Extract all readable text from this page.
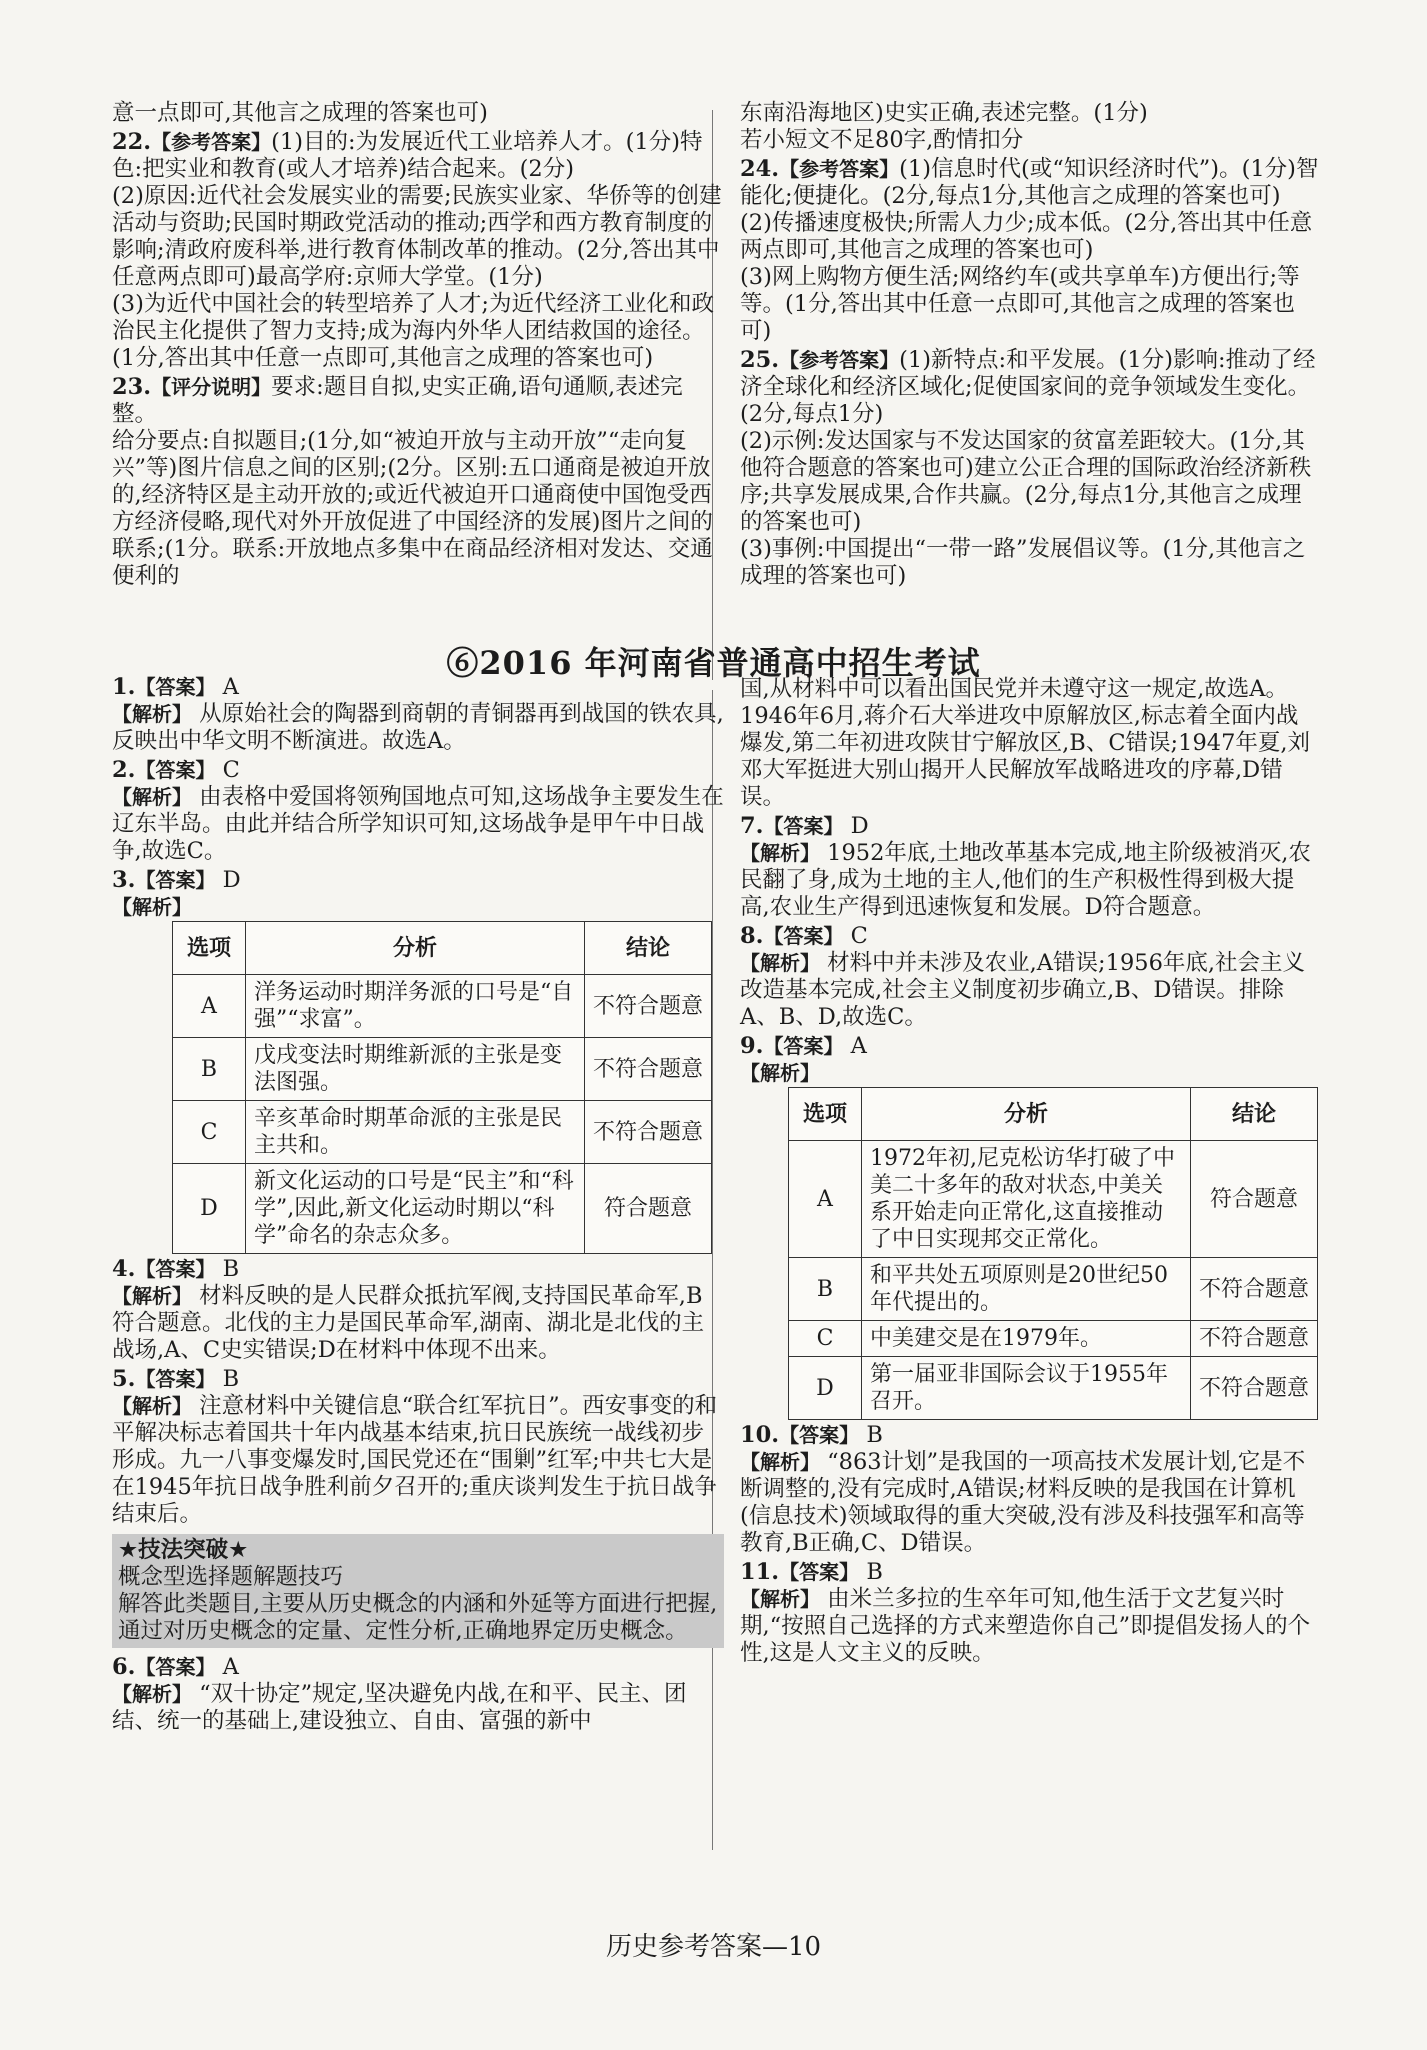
意一点即可,其他言之成理的答案也可)

22.【参考答案】(1)目的:为发展近代工业培养人才。(1分)特色:把实业和教育(或人才培养)结合起来。(2分)

(2)原因:近代社会发展实业的需要;民族实业家、华侨等的创建活动与资助;民国时期政党活动的推动;西学和西方教育制度的影响;清政府废科举,进行教育体制改革的推动。(2分,答出其中任意两点即可)最高学府:京师大学堂。(1分)

(3)为近代中国社会的转型培养了人才;为近代经济工业化和政治民主化提供了智力支持;成为海内外华人团结救国的途径。(1分,答出其中任意一点即可,其他言之成理的答案也可)

23.【评分说明】要求:题目自拟,史实正确,语句通顺,表述完整。

给分要点:自拟题目;(1分,如“被迫开放与主动开放”“走向复兴”等)图片信息之间的区别;(2分。区别:五口通商是被迫开放的,经济特区是主动开放的;或近代被迫开口通商使中国饱受西方经济侵略,现代对外开放促进了中国经济的发展)图片之间的联系;(1分。联系:开放地点多集中在商品经济相对发达、交通便利的

东南沿海地区)史实正确,表述完整。(1分)

若小短文不足80字,酌情扣分

24.【参考答案】(1)信息时代(或“知识经济时代”)。(1分)智能化;便捷化。(2分,每点1分,其他言之成理的答案也可)

(2)传播速度极快;所需人力少;成本低。(2分,答出其中任意两点即可,其他言之成理的答案也可)

(3)网上购物方便生活;网络约车(或共享单车)方便出行;等等。(1分,答出其中任意一点即可,其他言之成理的答案也可)

25.【参考答案】(1)新特点:和平发展。(1分)影响:推动了经济全球化和经济区域化;促使国家间的竞争领域发生变化。(2分,每点1分)

(2)示例:发达国家与不发达国家的贫富差距较大。(1分,其他符合题意的答案也可)建立公正合理的国际政治经济新秩序;共享发展成果,合作共赢。(2分,每点1分,其他言之成理的答案也可)

(3)事例:中国提出“一带一路”发展倡议等。(1分,其他言之成理的答案也可)

⑥2016 年河南省普通高中招生考试

1.【答案】 A

【解析】 从原始社会的陶器到商朝的青铜器再到战国的铁农具,反映出中华文明不断演进。故选A。

2.【答案】 C

【解析】 由表格中爱国将领殉国地点可知,这场战争主要发生在辽东半岛。由此并结合所学知识可知,这场战争是甲午中日战争,故选C。

3.【答案】 D

【解析】

选项	分析	结论
A	洋务运动时期洋务派的口号是“自强”“求富”。	不符合题意
B	戊戌变法时期维新派的主张是变法图强。	不符合题意
C	辛亥革命时期革命派的主张是民主共和。	不符合题意
D	新文化运动的口号是“民主”和“科学”,因此,新文化运动时期以“科学”命名的杂志众多。	符合题意

4.【答案】 B

【解析】 材料反映的是人民群众抵抗军阀,支持国民革命军,B符合题意。北伐的主力是国民革命军,湖南、湖北是北伐的主战场,A、C史实错误;D在材料中体现不出来。

5.【答案】 B

【解析】 注意材料中关键信息“联合红军抗日”。西安事变的和平解决标志着国共十年内战基本结束,抗日民族统一战线初步形成。九一八事变爆发时,国民党还在“围剿”红军;中共七大是在1945年抗日战争胜利前夕召开的;重庆谈判发生于抗日战争结束后。

★技法突破★

概念型选择题解题技巧

解答此类题目,主要从历史概念的内涵和外延等方面进行把握,通过对历史概念的定量、定性分析,正确地界定历史概念。

6.【答案】 A

【解析】 “双十协定”规定,坚决避免内战,在和平、民主、团结、统一的基础上,建设独立、自由、富强的新中

国,从材料中可以看出国民党并未遵守这一规定,故选A。1946年6月,蒋介石大举进攻中原解放区,标志着全面内战爆发,第二年初进攻陕甘宁解放区,B、C错误;1947年夏,刘邓大军挺进大别山揭开人民解放军战略进攻的序幕,D错误。

7.【答案】 D

【解析】 1952年底,土地改革基本完成,地主阶级被消灭,农民翻了身,成为土地的主人,他们的生产积极性得到极大提高,农业生产得到迅速恢复和发展。D符合题意。

8.【答案】 C

【解析】 材料中并未涉及农业,A错误;1956年底,社会主义改造基本完成,社会主义制度初步确立,B、D错误。排除A、B、D,故选C。

9.【答案】 A

【解析】

选项	分析	结论
A	1972年初,尼克松访华打破了中美二十多年的敌对状态,中美关系开始走向正常化,这直接推动了中日实现邦交正常化。	符合题意
B	和平共处五项原则是20世纪50年代提出的。	不符合题意
C	中美建交是在1979年。	不符合题意
D	第一届亚非国际会议于1955年召开。	不符合题意

10.【答案】 B

【解析】 “863计划”是我国的一项高技术发展计划,它是不断调整的,没有完成时,A错误;材料反映的是我国在计算机(信息技术)领域取得的重大突破,没有涉及科技强军和高等教育,B正确,C、D错误。

11.【答案】 B

【解析】 由米兰多拉的生卒年可知,他生活于文艺复兴时期,“按照自己选择的方式来塑造你自己”即提倡发扬人的个性,这是人文主义的反映。

历史参考答案—10
